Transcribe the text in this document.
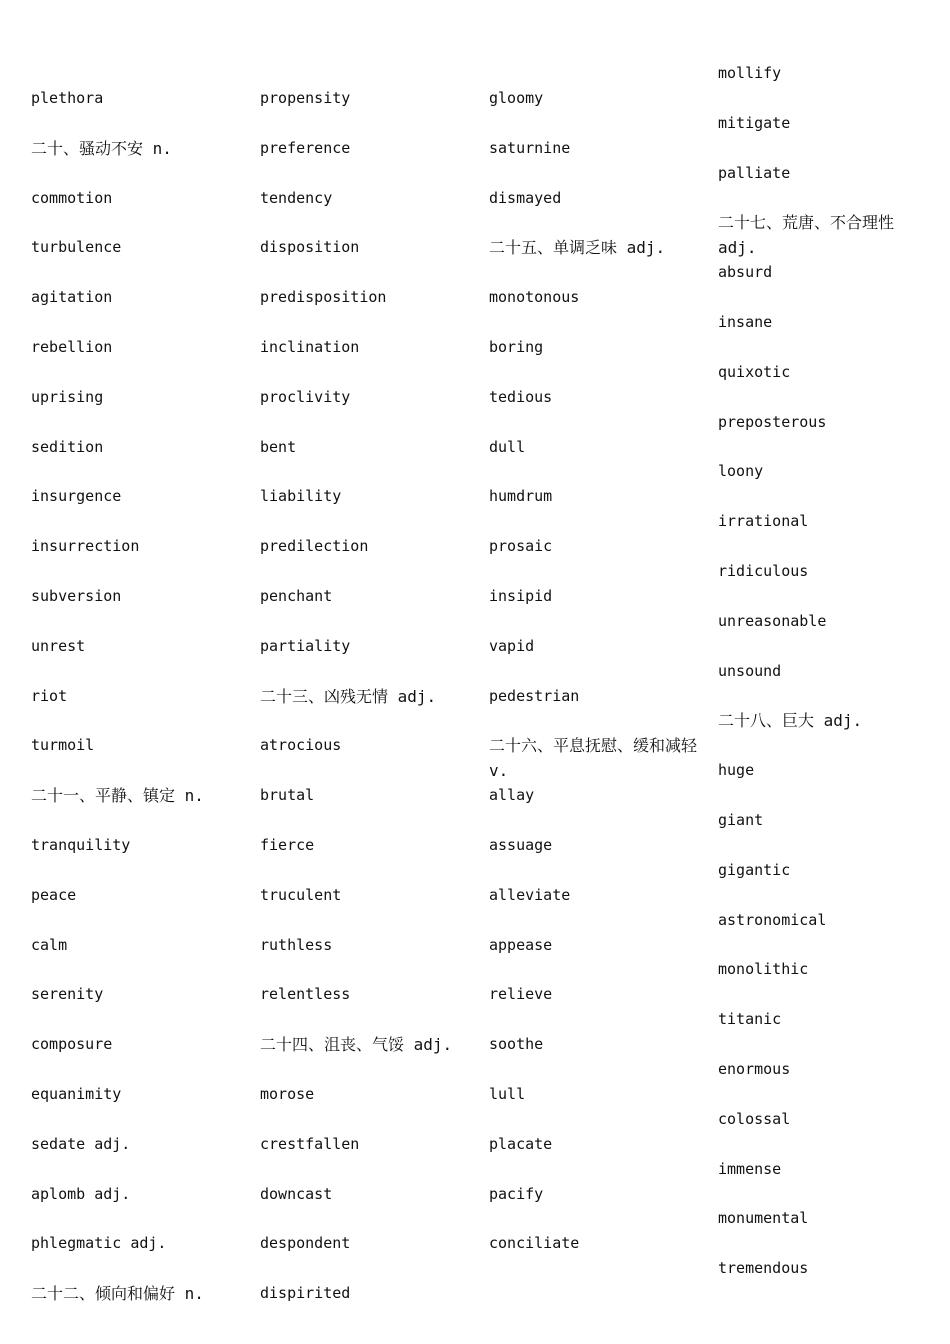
plethora
二十、骚动不安 n.
commotion
turbulence
agitation
rebellion
uprising
sedition
insurgence
insurrection
subversion
unrest
riot
turmoil
二十一、平静、镇定 n.
tranquility
peace
calm
serenity
composure
equanimity
sedate adj.
aplomb adj.
phlegmatic adj.
二十二、倾向和偏好 n.
propensity
preference
tendency
disposition
predisposition
inclination
proclivity
bent
liability
predilection
penchant
partiality
二十三、凶残无情 adj.
atrocious
brutal
fierce
truculent
ruthless
relentless
二十四、沮丧、气馁 adj.
morose
crestfallen
downcast
despondent
dispirited
gloomy
saturnine
dismayed
二十五、单调乏味 adj.
monotonous
boring
tedious
dull
humdrum
prosaic
insipid
vapid
pedestrian
二十六、平息抚慰、缓和减轻 v.
allay
assuage
alleviate
appease
relieve
soothe
lull
placate
pacify
conciliate
mollify
mitigate
palliate
二十七、荒唐、不合理性 adj.
absurd
insane
quixotic
preposterous
loony
irrational
ridiculous
unreasonable
unsound
二十八、巨大 adj.
huge
giant
gigantic
astronomical
monolithic
titanic
enormous
colossal
immense
monumental
tremendous
